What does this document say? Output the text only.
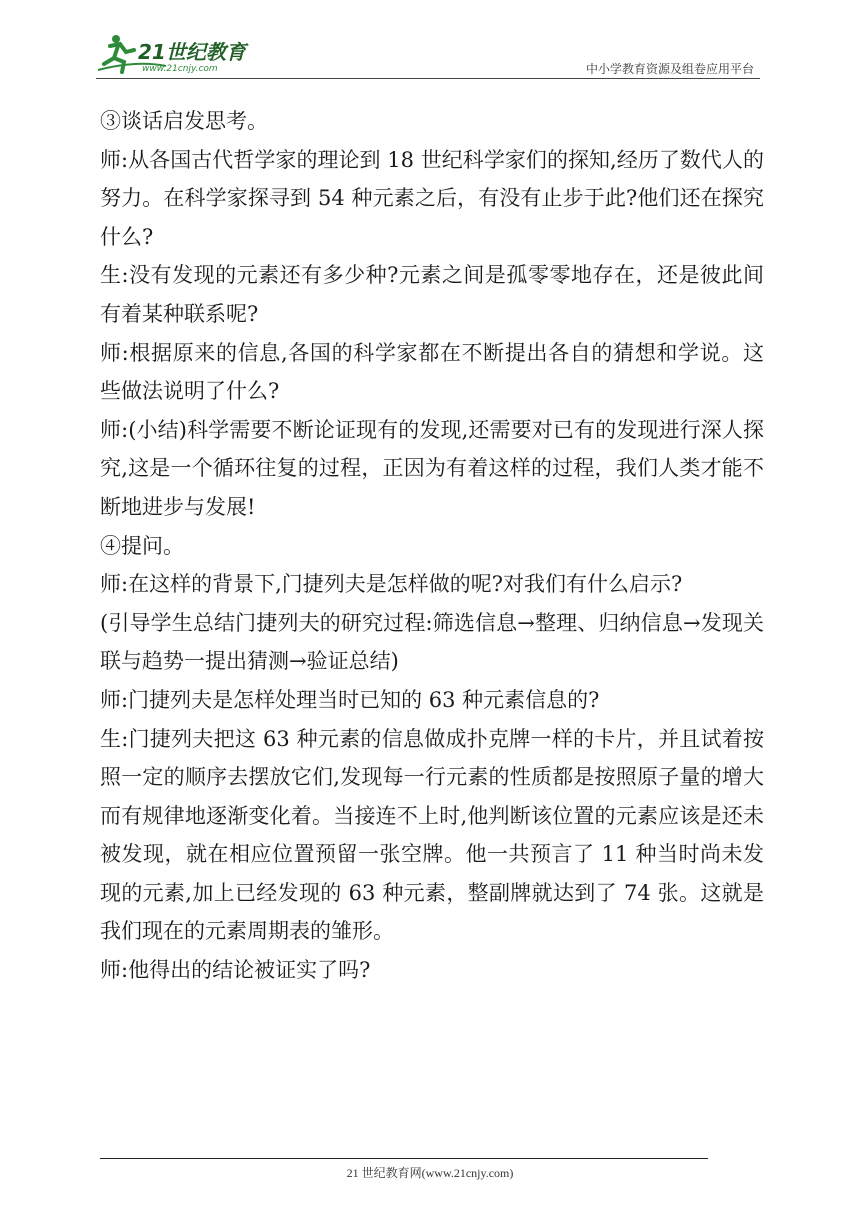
21世纪教育
www.21cnjy.com	中小学教育资源及组卷应用平台

③谈话启发思考。

师:从各国古代哲学家的理论到 18 世纪科学家们的探知,经历了数代人的努力。在科学家探寻到 54 种元素之后，有没有止步于此?他们还在探究什么?

生:没有发现的元素还有多少种?元素之间是孤零零地存在，还是彼此间有着某种联系呢?

师:根据原来的信息,各国的科学家都在不断提出各自的猜想和学说。这些做法说明了什么?

师:(小结)科学需要不断论证现有的发现,还需要对已有的发现进行深人探究,这是一个循环往复的过程，正因为有着这样的过程，我们人类才能不断地进步与发展!

④提问。

师:在这样的背景下,门捷列夫是怎样做的呢?对我们有什么启示?

(引导学生总结门捷列夫的研究过程:筛选信息→整理、归纳信息→发现关联与趋势一提出猜测→验证总结)

师:门捷列夫是怎样处理当时已知的 63 种元素信息的?

生:门捷列夫把这 63 种元素的信息做成扑克牌一样的卡片，并且试着按照一定的顺序去摆放它们,发现每一行元素的性质都是按照原子量的增大而有规律地逐渐变化着。当接连不上时,他判断该位置的元素应该是还未被发现，就在相应位置预留一张空牌。他一共预言了 11 种当时尚未发现的元素,加上已经发现的 63 种元素，整副牌就达到了 74 张。这就是我们现在的元素周期表的雏形。

师:他得出的结论被证实了吗?

21 世纪教育网(www.21cnjy.com)
